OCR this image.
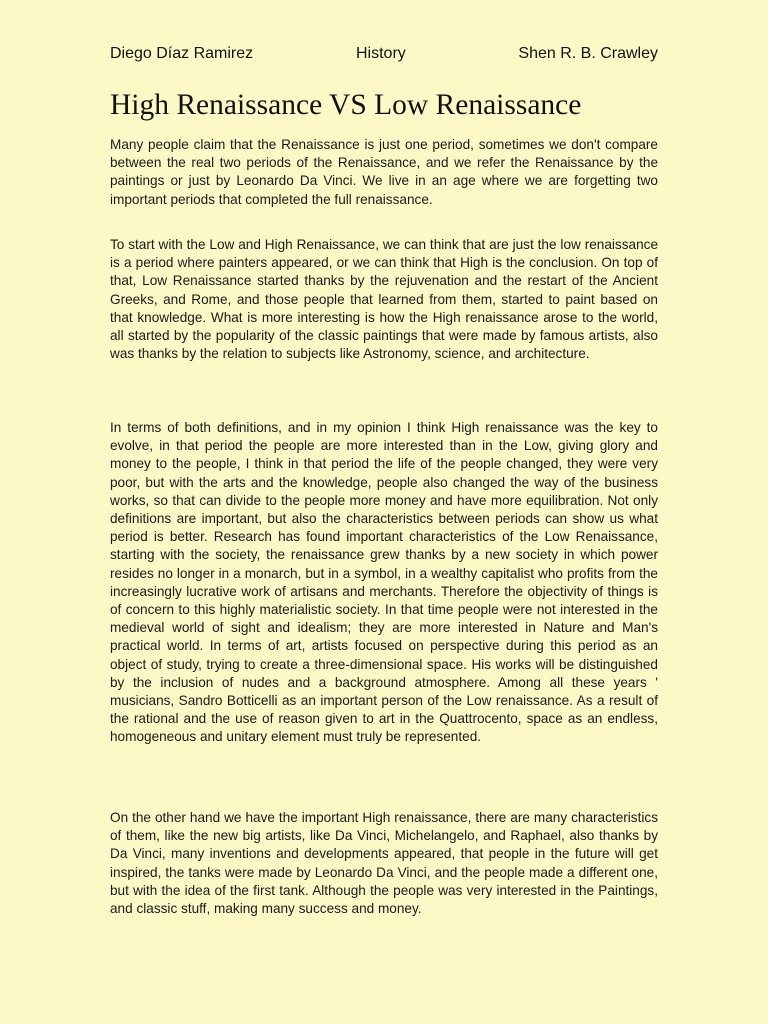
Diego Díaz Ramirez	History	Shen R. B. Crawley
High Renaissance VS Low Renaissance

Many people claim that the Renaissance is just one period, sometimes we don't compare between the real two periods of the Renaissance, and we refer the Renaissance by the paintings or just by Leonardo Da Vinci. We live in an age where we are forgetting two important periods that completed the full renaissance.

To start with the Low and High Renaissance, we can think that are just the low renaissance is a period where painters appeared, or we can think that High is the conclusion. On top of that, Low Renaissance started thanks by the rejuvenation and the restart of the Ancient Greeks, and Rome, and those people that learned from them, started to paint based on that knowledge. What is more interesting is how the High renaissance arose to the world, all started by the popularity of the classic paintings that were made by famous artists, also was thanks by the relation to subjects like Astronomy, science, and architecture.

In terms of both definitions, and in my opinion I think High renaissance was the key to evolve, in that period the people are more interested than in the Low, giving glory and money to the people, I think in that period the life of the people changed, they were very poor, but with the arts and the knowledge, people also changed the way of the business works, so that can divide to the people more money and have more equilibration. Not only definitions are important, but also the characteristics between periods can show us what period is better. Research has found important characteristics of the Low Renaissance, starting with the society, the renaissance grew thanks by a new society in which power resides no longer in a monarch, but in a symbol, in a wealthy capitalist who profits from the increasingly lucrative work of artisans and merchants. Therefore the objectivity of things is of concern to this highly materialistic society. In that time people were not interested in the medieval world of sight and idealism; they are more interested in Nature and Man's practical world. In terms of art, artists focused on perspective during this period as an object of study, trying to create a three-dimensional space. His works will be distinguished by the inclusion of nudes and a background atmosphere. Among all these years ' musicians, Sandro Botticelli as an important person of the Low renaissance. As a result of the rational and the use of reason given to art in the Quattrocento, space as an endless, homogeneous and unitary element must truly be represented.

On the other hand we have the important High renaissance, there are many characteristics of them, like the new big artists, like Da Vinci, Michelangelo, and Raphael, also thanks by Da Vinci, many inventions and developments appeared, that people in the future will get inspired, the tanks were made by Leonardo Da Vinci, and the people made a different one, but with the idea of the first tank. Although the people was very interested in the Paintings, and classic stuff, making many success and money.
